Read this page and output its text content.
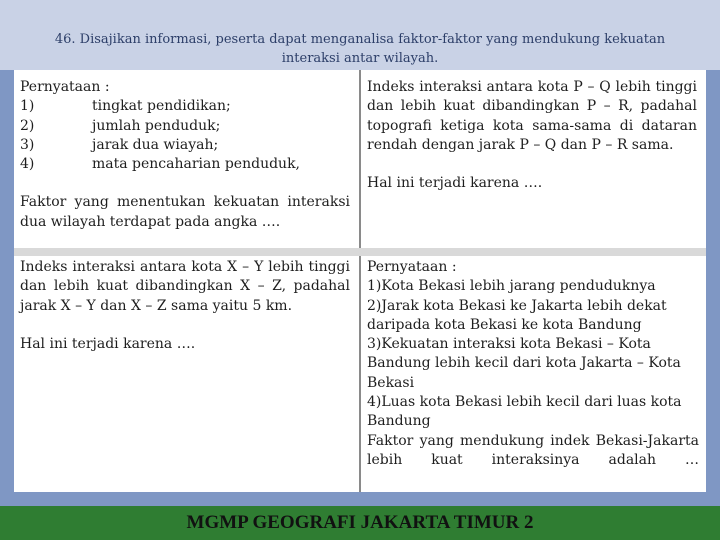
46. Disajikan informasi, peserta dapat menganalisa faktor-faktor yang mendukung kekuatan interaksi antar wilayah.
Pernyataan :
1)	tingkat pendidikan;
2)	jumlah penduduk;
3)	jarak dua wiayah;
4)	mata pencaharian penduduk,
Faktor yang menentukan kekuatan interaksi dua wilayah terdapat pada angka ….
Indeks interaksi antara kota P – Q lebih tinggi dan lebih kuat dibandingkan P – R, padahal topografi ketiga kota sama-sama di dataran rendah dengan jarak P – Q dan P – R sama.
Hal ini terjadi karena ….
Indeks interaksi antara kota X – Y lebih tinggi dan lebih kuat dibandingkan X – Z, padahal jarak X – Y dan X – Z sama yaitu 5 km.
Hal ini terjadi karena ….
Pernyataan :
1)Kota Bekasi lebih jarang penduduknya
2)Jarak kota Bekasi ke Jakarta lebih dekat daripada kota Bekasi ke kota Bandung
3)Kekuatan interaksi kota Bekasi – Kota Bandung lebih kecil dari kota Jakarta – Kota Bekasi
4)Luas kota Bekasi lebih kecil dari luas kota Bandung
Faktor yang mendukung indek Bekasi-Jakarta lebih kuat interaksinya adalah …
MGMP GEOGRAFI JAKARTA TIMUR 2
